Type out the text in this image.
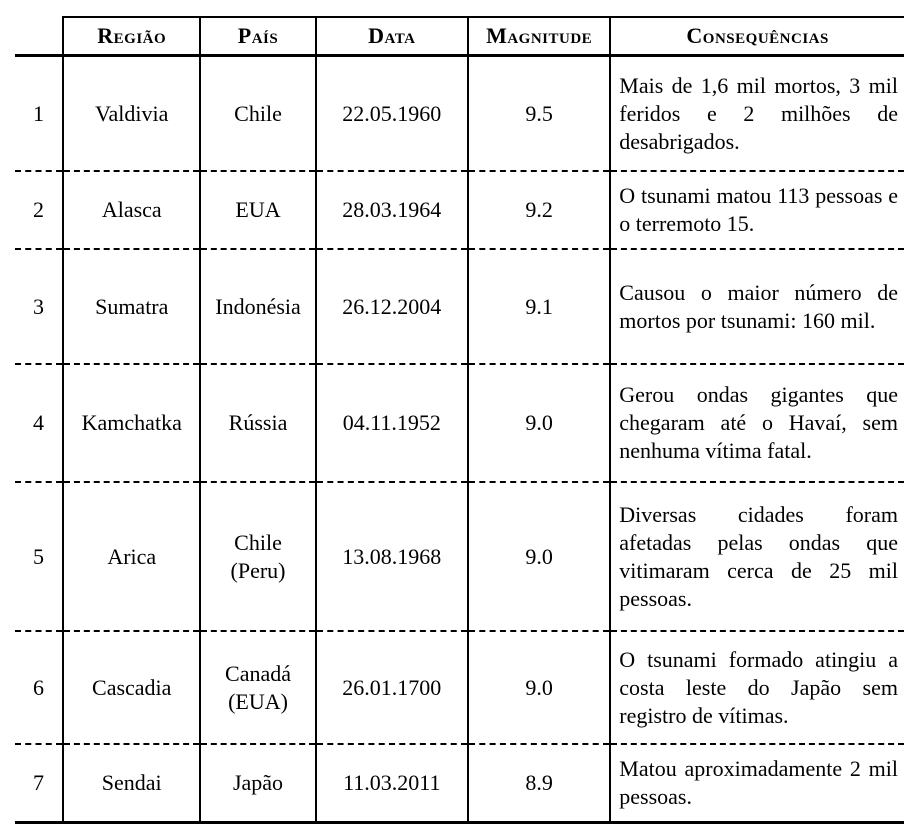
	Região	País	Data	Magnitude	Consequências
1	Valdivia	Chile	22.05.1960	9.5	Mais de 1,6 mil mortos, 3 mil feridos e 2 milhões de desabrigados.
2	Alasca	EUA	28.03.1964	9.2	O tsunami matou 113 pessoas e o terremoto 15.
3	Sumatra	Indonésia	26.12.2004	9.1	Causou o maior número de mortos por tsunami: 160 mil.
4	Kamchatka	Rússia	04.11.1952	9.0	Gerou ondas gigantes que chegaram até o Havaí, sem nenhuma vítima fatal.
5	Arica	Chile (Peru)	13.08.1968	9.0	Diversas cidades foram afetadas pelas ondas que vitimaram cerca de 25 mil pessoas.
6	Cascadia	Canadá (EUA)	26.01.1700	9.0	O tsunami formado atingiu a costa leste do Japão sem registro de vítimas.
7	Sendai	Japão	11.03.2011	8.9	Matou aproximadamente 2 mil pessoas.
